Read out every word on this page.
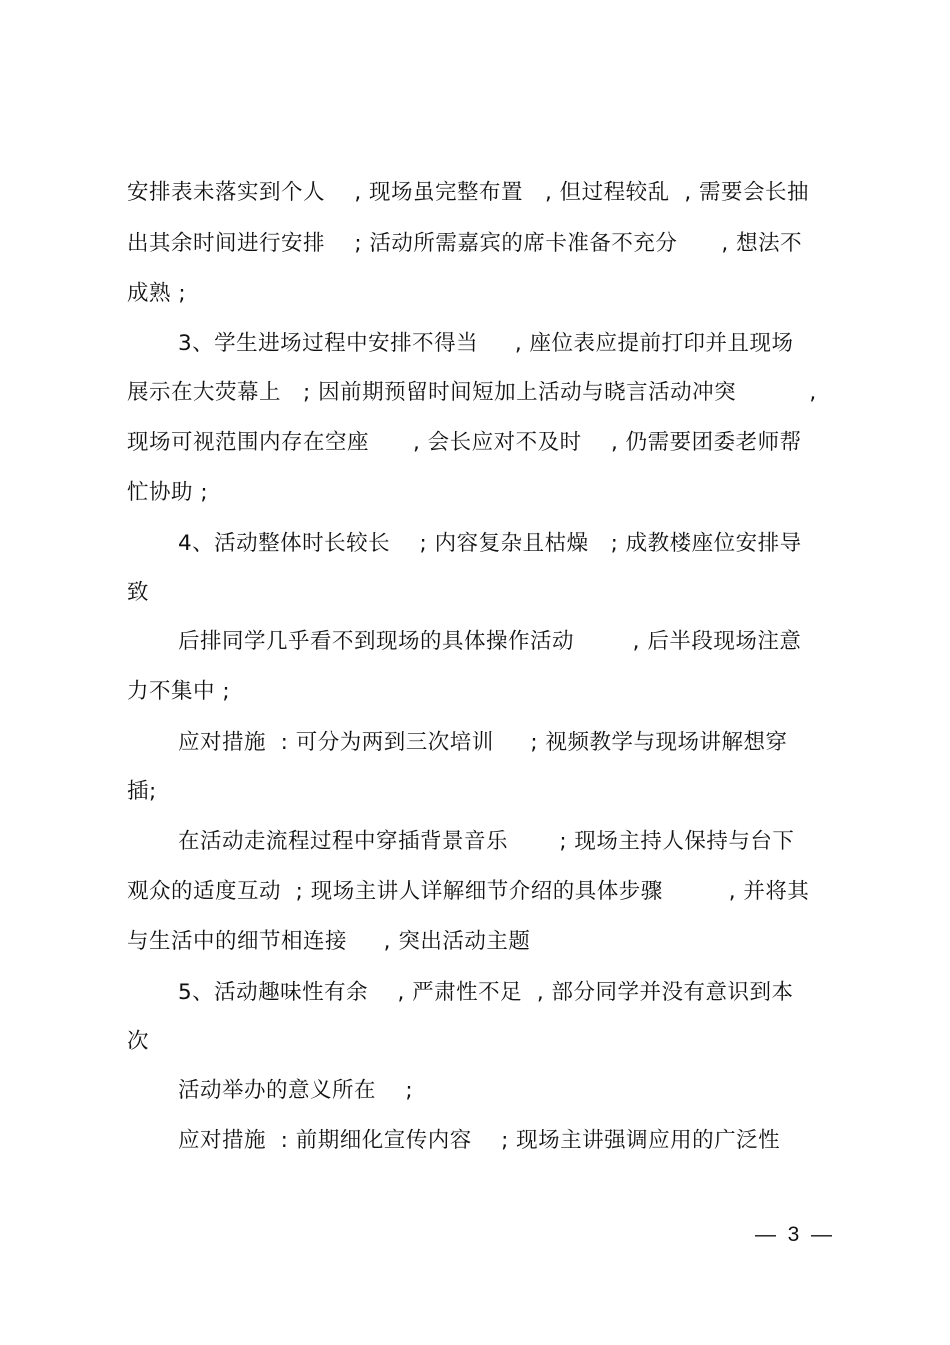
安排表未落实到个人    , 现场虽完整布置   , 但过程较乱  , 需要会长抽
出其余时间进行安排    ; 活动所需嘉宾的席卡准备不充分      , 想法不
成熟 ;
3、学生进场过程中安排不得当     , 座位表应提前打印并且现场
展示在大荧幕上   ; 因前期预留时间短加上活动与晓言活动冲突          ,
现场可视范围内存在空座      , 会长应对不及时    , 仍需要团委老师帮
忙协助 ;
4、活动整体时长较长    ; 内容复杂且枯燥   ; 成教楼座位安排导
致
后排同学几乎看不到现场的具体操作活动        , 后半段现场注意
力不集中 ;
应对措施  : 可分为两到三次培训     ; 视频教学与现场讲解想穿
插;
在活动走流程过程中穿插背景音乐       ; 现场主持人保持与台下
观众的适度互动  ; 现场主讲人详解细节介绍的具体步骤         , 并将其
与生活中的细节相连接     , 突出活动主题
5、活动趣味性有余    , 严肃性不足  , 部分同学并没有意识到本
次
活动举办的意义所在    ;
应对措施  : 前期细化宣传内容    ; 现场主讲强调应用的广泛性
—  3  —
